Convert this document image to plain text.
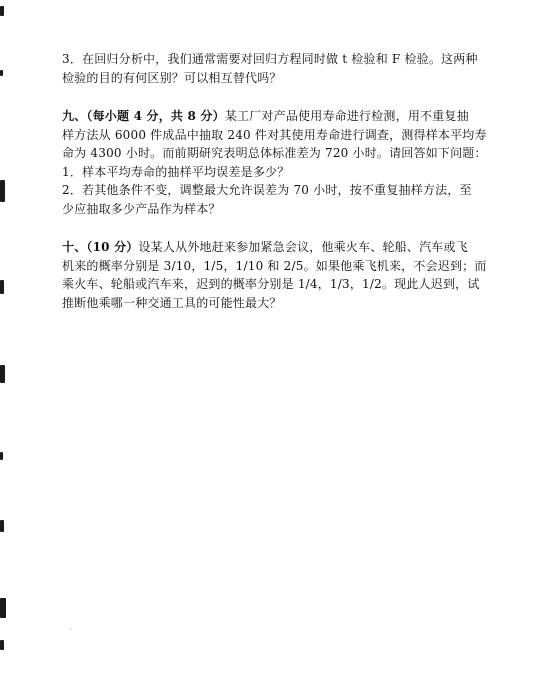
3．在回归分析中，我们通常需要对回归方程同时做 t 检验和 F 检验。这两种
检验的目的有何区别？可以相互替代吗？
九、（每小题 4 分，共 8 分）某工厂对产品使用寿命进行检测，用不重复抽
样方法从 6000 件成品中抽取 240 件对其使用寿命进行调查，测得样本平均寿
命为 4300 小时。而前期研究表明总体标准差为 720 小时。请回答如下问题：
1．样本平均寿命的抽样平均误差是多少？
2．若其他条件不变，调整最大允许误差为 70 小时，按不重复抽样方法，至
少应抽取多少产品作为样本？
十、（10 分）设某人从外地赶来参加紧急会议，他乘火车、轮船、汽车或飞
机来的概率分别是 3/10，1/5，1/10 和 2/5。如果他乘飞机来，不会迟到；而
乘火车、轮船或汽车来，迟到的概率分别是 1/4，1/3，1/2。现此人迟到，试
推断他乘哪一种交通工具的可能性最大？
